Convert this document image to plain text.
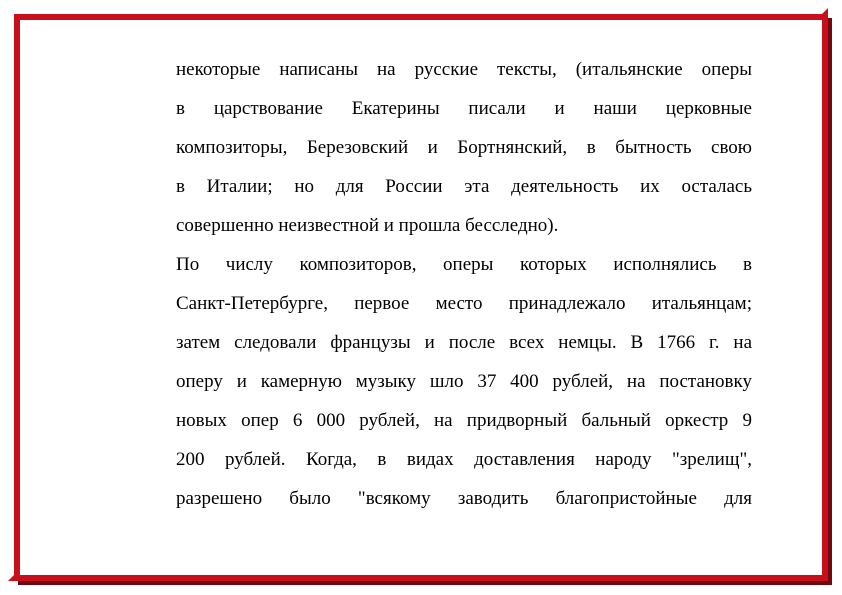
некоторые написаны на русские тексты, (итальянские оперы
в царствование Екатерины писали и наши церковные
композиторы, Березовский и Бортнянский, в бытность свою
в Италии; но для России эта деятельность их осталась
совершенно неизвестной и прошла бесследно).
По числу композиторов, оперы которых исполнялись в
Санкт-Петербурге, первое место принадлежало итальянцам;
затем следовали французы и после всех немцы. В 1766 г. на
оперу и камерную музыку шло 37 400 рублей, на постановку
новых опер 6 000 рублей, на придворный бальный оркестр 9
200 рублей. Когда, в видах доставления народу "зрелищ",
разрешено было "всякому заводить благопристойные для
